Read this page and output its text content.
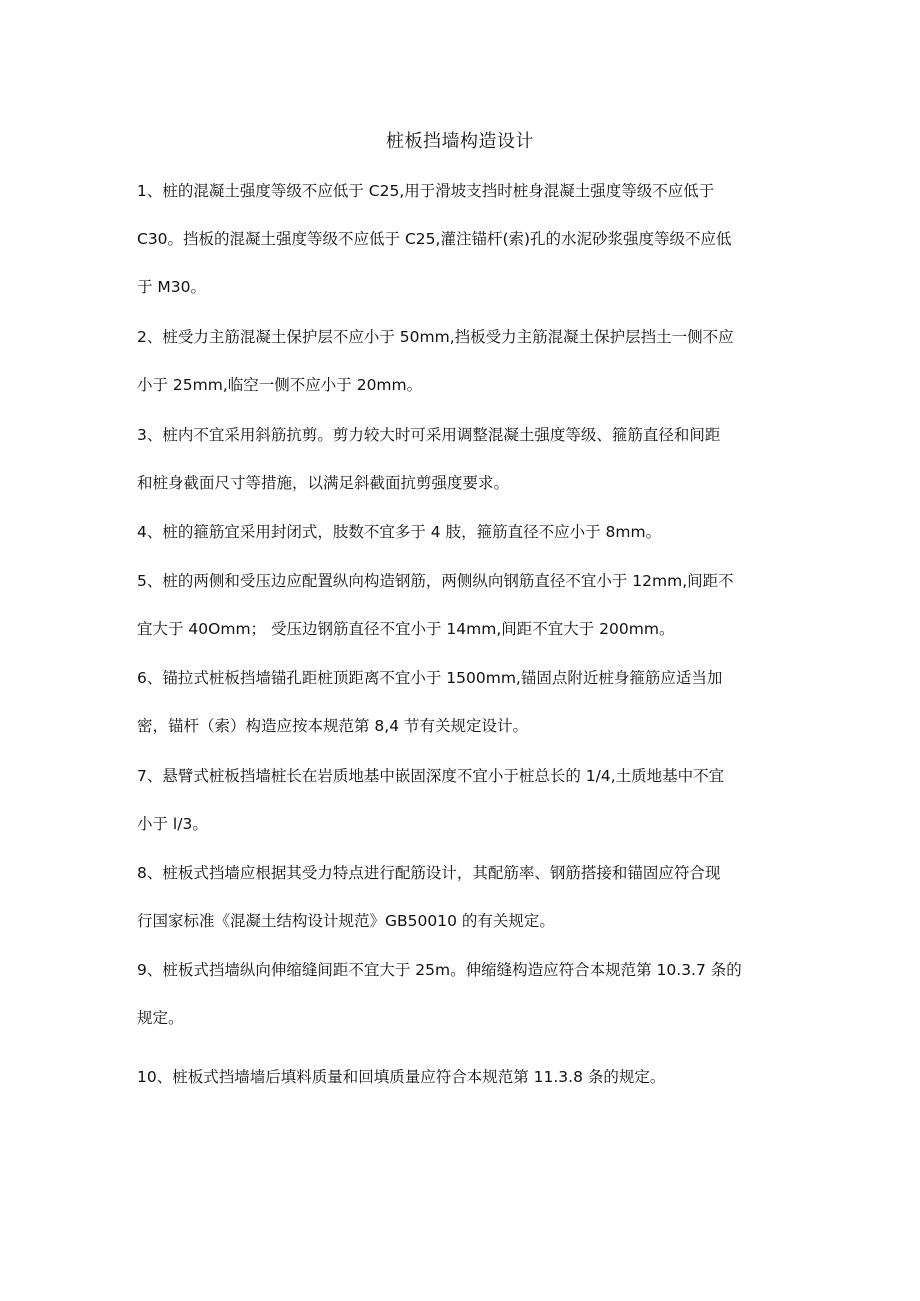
桩板挡墙构造设计
1、桩的混凝土强度等级不应低于 C25,用于滑坡支挡时桩身混凝土强度等级不应低于
C30。挡板的混凝土强度等级不应低于 C25,灌注锚杆(索)孔的水泥砂浆强度等级不应低
于 M30。
2、桩受力主筋混凝土保护层不应小于 50mm,挡板受力主筋混凝土保护层挡土一侧不应
小于 25mm,临空一侧不应小于 20mm。
3、桩内不宜采用斜筋抗剪。剪力较大时可采用调整混凝土强度等级、箍筋直径和间距
和桩身截面尺寸等措施，以满足斜截面抗剪强度要求。
4、桩的箍筋宜采用封闭式，肢数不宜多于 4 肢，箍筋直径不应小于 8mm。
5、桩的两侧和受压边应配置纵向构造钢筋，两侧纵向钢筋直径不宜小于 12mm,间距不
宜大于 40Omm； 受压边钢筋直径不宜小于 14mm,间距不宜大于 200mm。
6、锚拉式桩板挡墙锚孔距桩顶距离不宜小于 1500mm,锚固点附近桩身箍筋应适当加
密，锚杆（索）构造应按本规范第 8,4 节有关规定设计。
7、悬臂式桩板挡墙桩长在岩质地基中嵌固深度不宜小于桩总长的 1/4,土质地基中不宜
小于 l/3。
8、桩板式挡墙应根据其受力特点进行配筋设计，其配筋率、钢筋搭接和锚固应符合现
行国家标准《混凝土结构设计规范》GB50010 的有关规定。
9、桩板式挡墙纵向伸缩缝间距不宜大于 25m。伸缩缝构造应符合本规范第 10.3.7 条的
规定。
10、桩板式挡墙墙后填料质量和回填质量应符合本规范第 11.3.8 条的规定。
